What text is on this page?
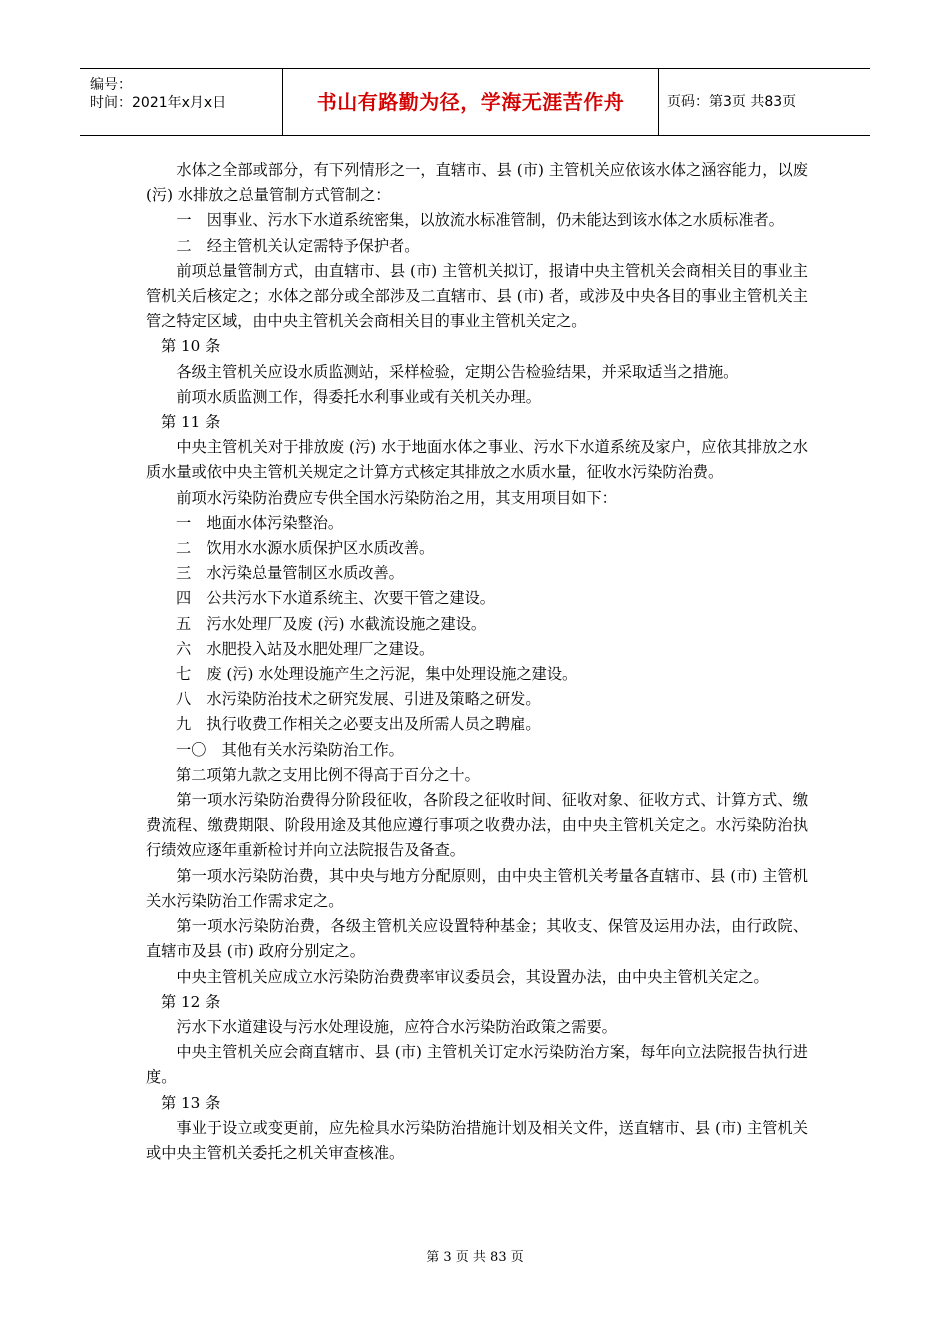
编号：
时间：2021年x月x日	书山有路勤为径，学海无涯苦作舟	页码：第3页 共83页

水体之全部或部分，有下列情形之一，直辖市、县 (市) 主管机关应依该水体之涵容能力，以废 (污) 水排放之总量管制方式管制之：

一　因事业、污水下水道系统密集，以放流水标准管制，仍未能达到该水体之水质标准者。

二　经主管机关认定需特予保护者。

前项总量管制方式，由直辖市、县 (市) 主管机关拟订，报请中央主管机关会商相关目的事业主管机关后核定之；水体之部分或全部涉及二直辖市、县 (市) 者，或涉及中央各目的事业主管机关主管之特定区域，由中央主管机关会商相关目的事业主管机关定之。

第 10 条

各级主管机关应设水质监测站，采样检验，定期公告检验结果，并采取适当之措施。

前项水质监测工作，得委托水利事业或有关机关办理。

第 11 条

中央主管机关对于排放废 (污) 水于地面水体之事业、污水下水道系统及家户，应依其排放之水质水量或依中央主管机关规定之计算方式核定其排放之水质水量，征收水污染防治费。

前项水污染防治费应专供全国水污染防治之用，其支用项目如下：

一　地面水体污染整治。

二　饮用水水源水质保护区水质改善。

三　水污染总量管制区水质改善。

四　公共污水下水道系统主、次要干管之建设。

五　污水处理厂及废 (污) 水截流设施之建设。

六　水肥投入站及水肥处理厂之建设。

七　废 (污) 水处理设施产生之污泥，集中处理设施之建设。

八　水污染防治技术之研究发展、引进及策略之研发。

九　执行收费工作相关之必要支出及所需人员之聘雇。

一〇　其他有关水污染防治工作。

第二项第九款之支用比例不得高于百分之十。

第一项水污染防治费得分阶段征收，各阶段之征收时间、征收对象、征收方式、计算方式、缴费流程、缴费期限、阶段用途及其他应遵行事项之收费办法，由中央主管机关定之。水污染防治执行绩效应逐年重新检讨并向立法院报告及备查。

第一项水污染防治费，其中央与地方分配原则，由中央主管机关考量各直辖市、县 (市) 主管机关水污染防治工作需求定之。

第一项水污染防治费，各级主管机关应设置特种基金；其收支、保管及运用办法，由行政院、直辖市及县 (市) 政府分别定之。

中央主管机关应成立水污染防治费费率审议委员会，其设置办法，由中央主管机关定之。

第 12 条

污水下水道建设与污水处理设施，应符合水污染防治政策之需要。

中央主管机关应会商直辖市、县 (市) 主管机关订定水污染防治方案，每年向立法院报告执行进度。

第 13 条

事业于设立或变更前，应先检具水污染防治措施计划及相关文件，送直辖市、县 (市) 主管机关或中央主管机关委托之机关审查核准。

第 3 页 共 83 页
